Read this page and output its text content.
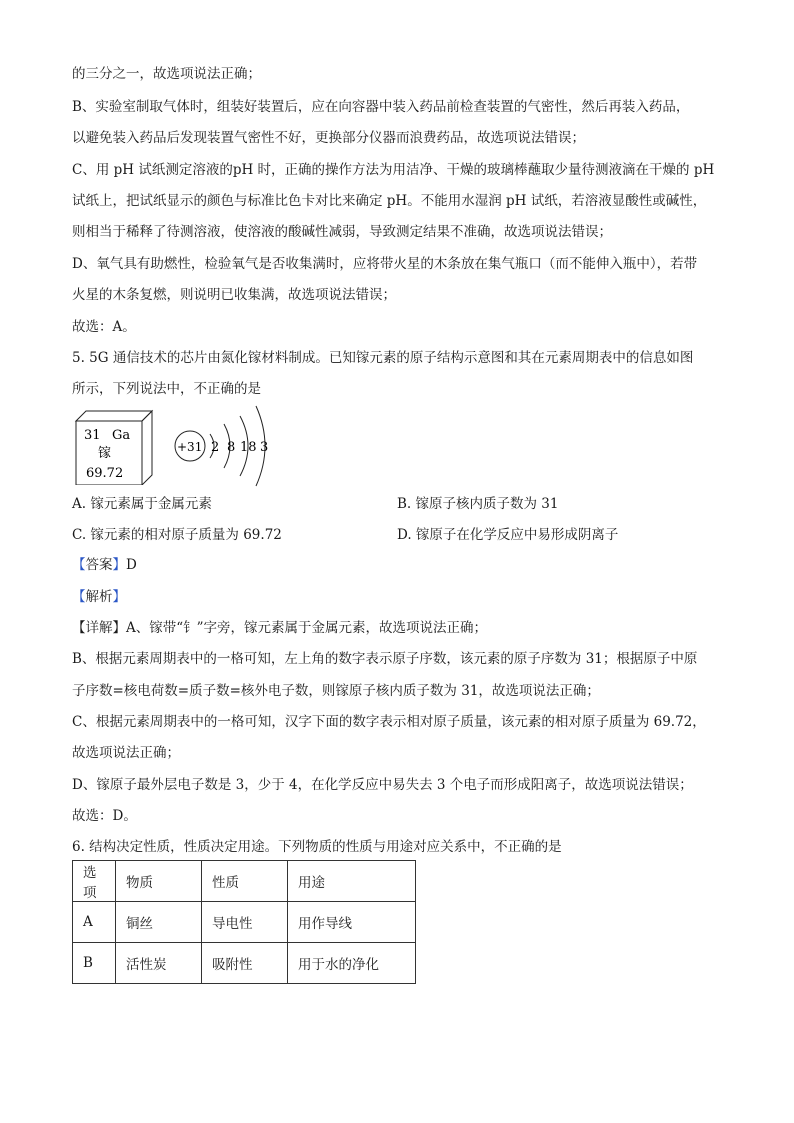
的三分之一，故选项说法正确；
B、实验室制取气体时，组装好装置后，应在向容器中装入药品前检查装置的气密性，然后再装入药品，
以避免装入药品后发现装置气密性不好，更换部分仪器而浪费药品，故选项说法错误；
C、用 pH 试纸测定溶液的pH 时，正确的操作方法为用洁净、干燥的玻璃棒蘸取少量待测液滴在干燥的 pH
试纸上，把试纸显示的颜色与标准比色卡对比来确定 pH。不能用水湿润 pH 试纸，若溶液显酸性或碱性，
则相当于稀释了待测溶液，使溶液的酸碱性减弱，导致测定结果不准确，故选项说法错误；
D、氧气具有助燃性，检验氧气是否收集满时，应将带火星的木条放在集气瓶口（而不能伸入瓶中），若带
火星的木条复燃，则说明已收集满，故选项说法错误；
故选：A。
5. 5G 通信技术的芯片由氮化镓材料制成。已知镓元素的原子结构示意图和其在元素周期表中的信息如图
所示，下列说法中，不正确的是
31 Ga
镓
69.72
+31 2 8 18 3
A. 镓元素属于金属元素	B. 镓原子核内质子数为 31
C. 镓元素的相对原子质量为 69.72	D. 镓原子在化学反应中易形成阴离子
【答案】D
【解析】
【详解】A、镓带“钅”字旁，镓元素属于金属元素，故选项说法正确；
B、根据元素周期表中的一格可知，左上角的数字表示原子序数，该元素的原子序数为 31；根据原子中原
子序数=核电荷数=质子数=核外电子数，则镓原子核内质子数为 31，故选项说法正确；
C、根据元素周期表中的一格可知，汉字下面的数字表示相对原子质量，该元素的相对原子质量为 69.72，
故选项说法正确；
D、镓原子最外层电子数是 3，少于 4，在化学反应中易失去 3 个电子而形成阳离子，故选项说法错误；
故选：D。
6. 结构决定性质，性质决定用途。下列物质的性质与用途对应关系中，不正确的是
选项	物质	性质	用途
A	铜丝	导电性	用作导线
B	活性炭	吸附性	用于水的净化
